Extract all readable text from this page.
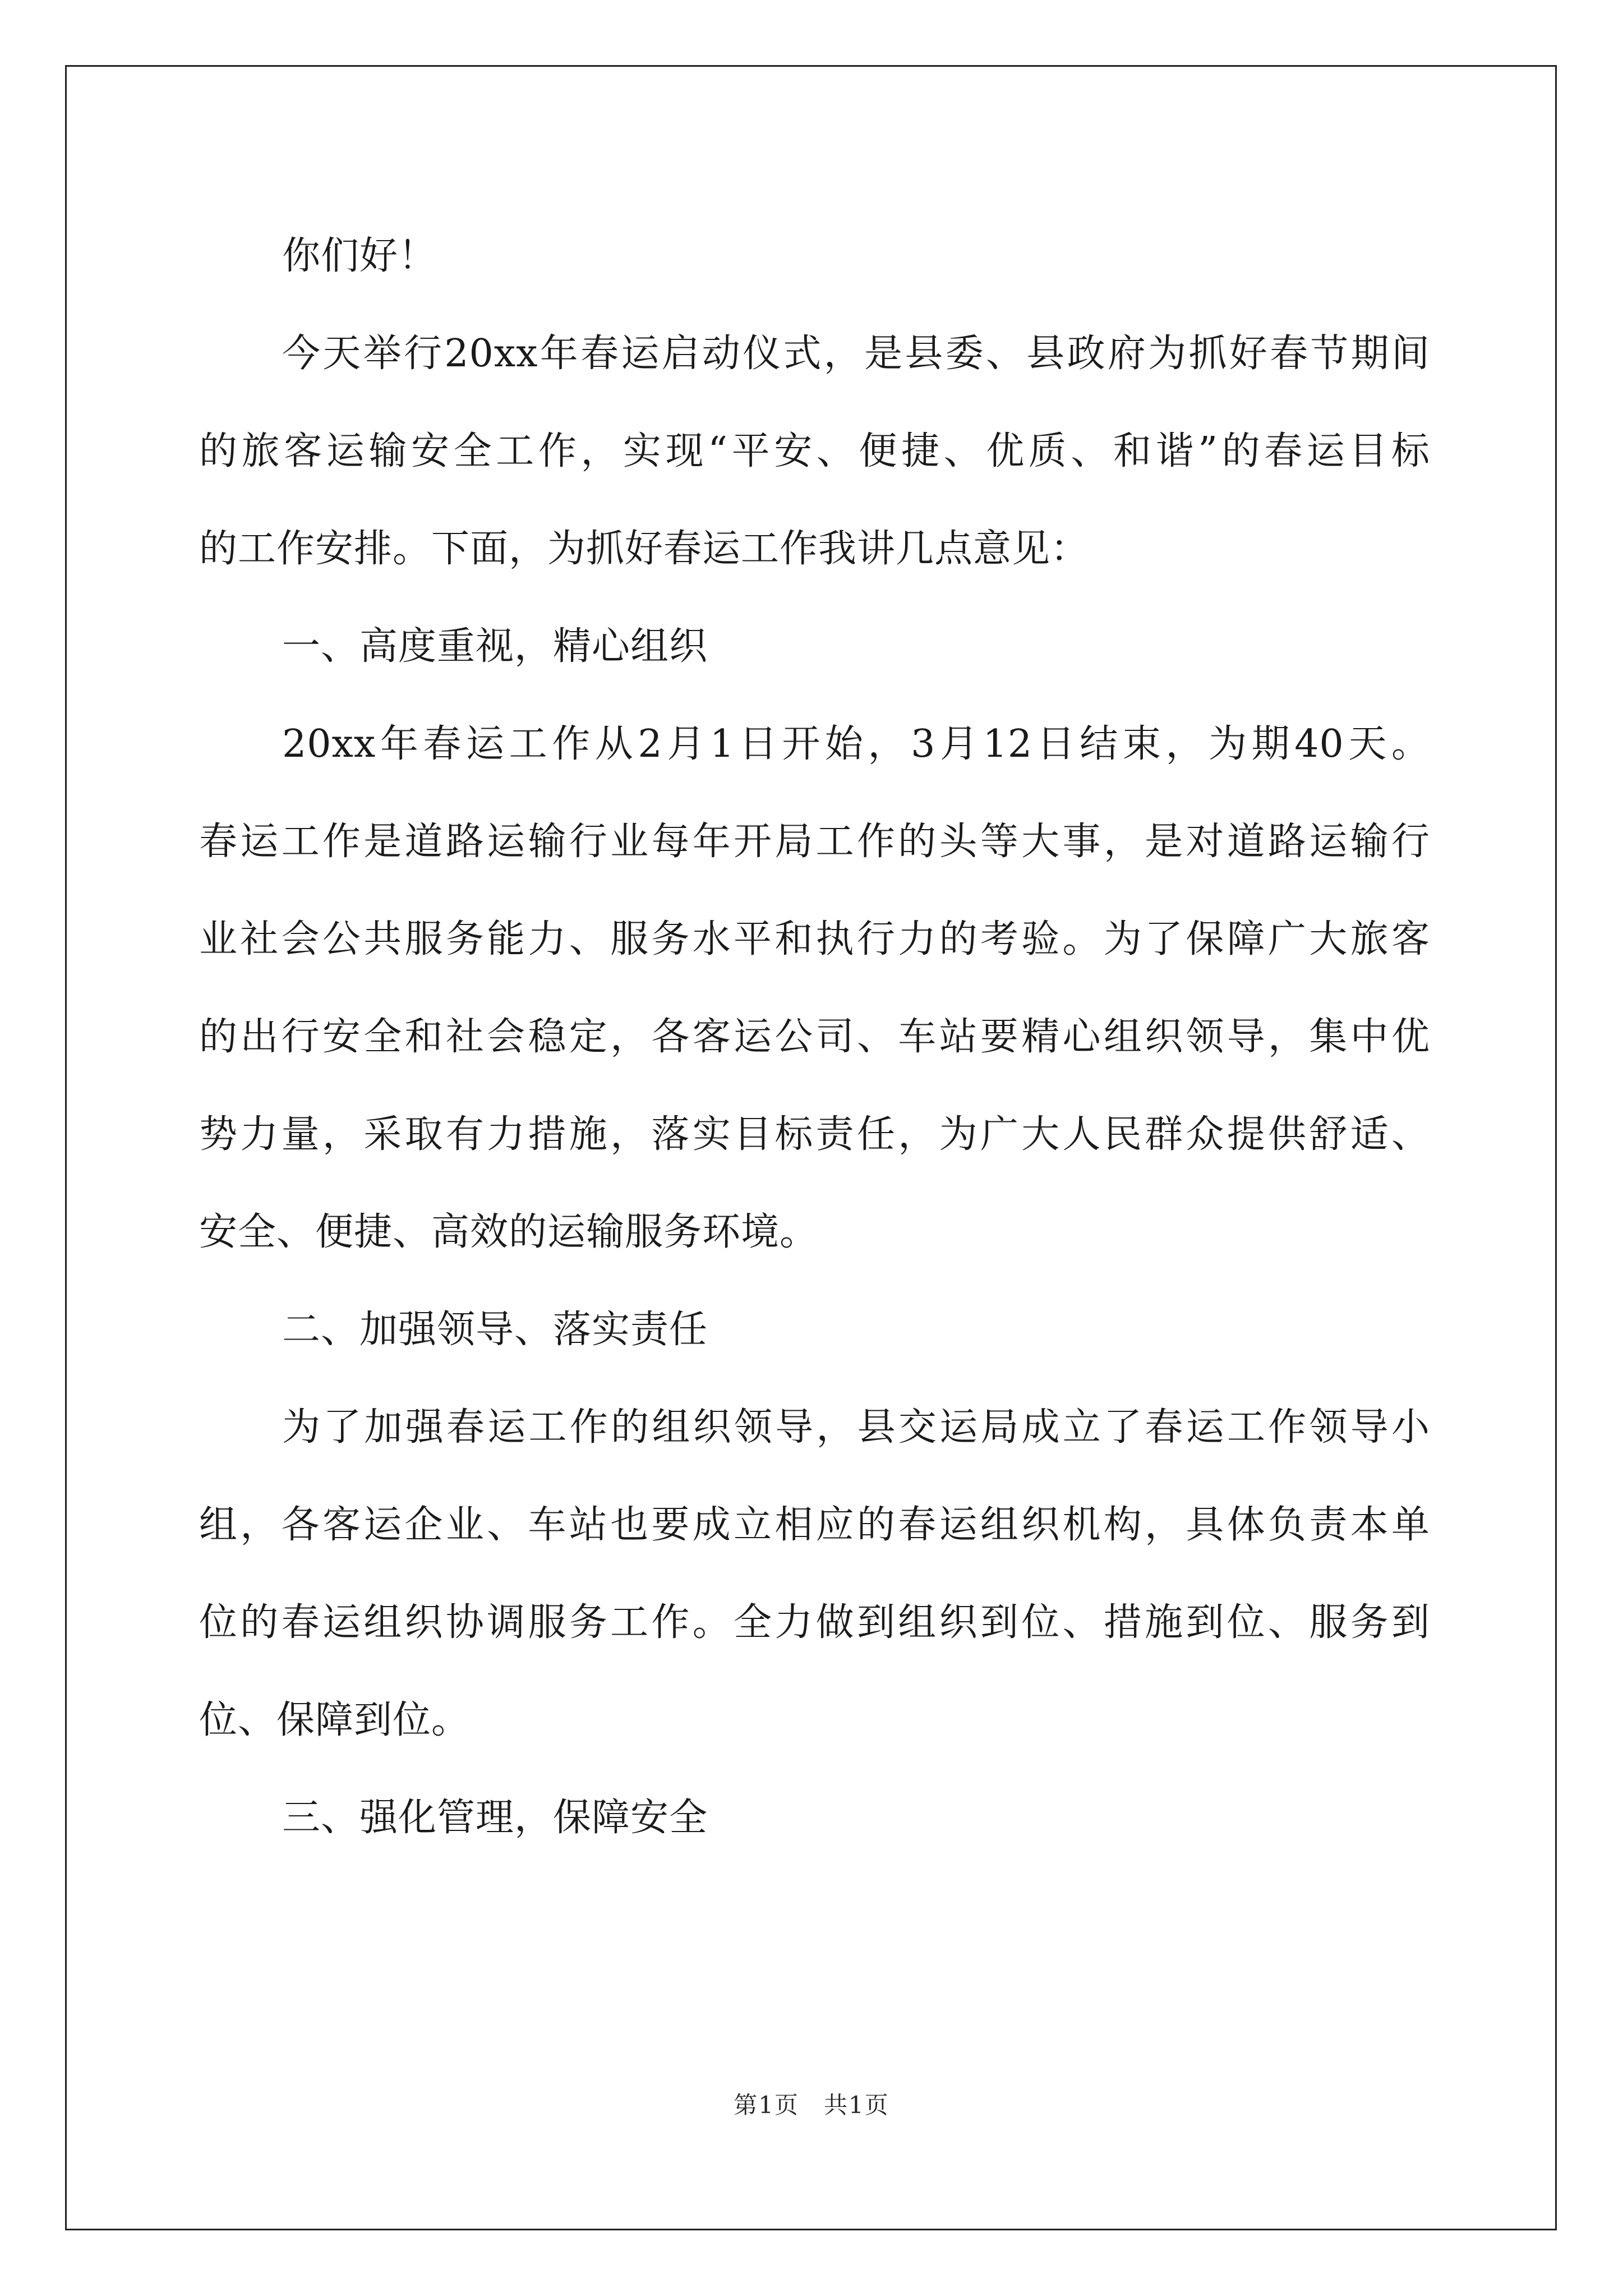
你们好！
今天举行20xx年春运启动仪式，是县委、县政府为抓好春节期间
的旅客运输安全工作，实现“平安、便捷、优质、和谐”的春运目标
的工作安排。下面，为抓好春运工作我讲几点意见：
一、高度重视，精心组织
20xx年春运工作从2月1日开始，3月12日结束，为期40天。
春运工作是道路运输行业每年开局工作的头等大事，是对道路运输行
业社会公共服务能力、服务水平和执行力的考验。为了保障广大旅客
的出行安全和社会稳定，各客运公司、车站要精心组织领导，集中优
势力量，采取有力措施，落实目标责任，为广大人民群众提供舒适、
安全、便捷、高效的运输服务环境。
二、加强领导、落实责任
为了加强春运工作的组织领导，县交运局成立了春运工作领导小
组，各客运企业、车站也要成立相应的春运组织机构，具体负责本单
位的春运组织协调服务工作。全力做到组织到位、措施到位、服务到
位、保障到位。
三、强化管理，保障安全
第1页　共1页
